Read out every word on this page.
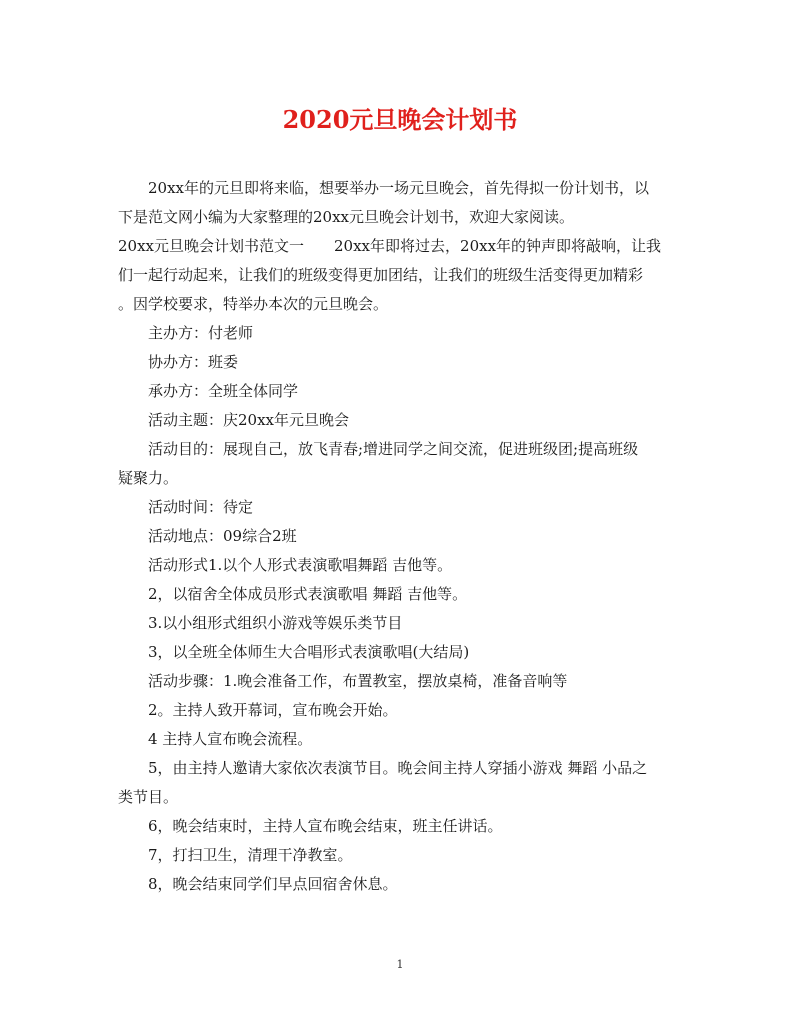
2020元旦晚会计划书
20xx年的元旦即将来临，想要举办一场元旦晚会，首先得拟一份计划书，以
下是范文网小编为大家整理的20xx元旦晚会计划书，欢迎大家阅读。
20xx元旦晚会计划书范文一 20xx年即将过去，20xx年的钟声即将敲响，让我
们一起行动起来，让我们的班级变得更加团结，让我们的班级生活变得更加精彩
。因学校要求，特举办本次的元旦晚会。
主办方：付老师
协办方：班委
承办方：全班全体同学
活动主题：庆20xx年元旦晚会
活动目的：展现自己，放飞青春;增进同学之间交流，促进班级团;提高班级
疑聚力。
活动时间：待定
活动地点：09综合2班
活动形式1.以个人形式表演歌唱舞蹈 吉他等。
2，以宿舍全体成员形式表演歌唱 舞蹈 吉他等。
3.以小组形式组织小游戏等娱乐类节目
3，以全班全体师生大合唱形式表演歌唱(大结局)
活动步骤：1.晚会准备工作，布置教室，摆放桌椅，准备音响等
2。主持人致开幕词，宣布晚会开始。
4 主持人宣布晚会流程。
5，由主持人邀请大家依次表演节目。晚会间主持人穿插小游戏 舞蹈 小品之
类节目。
6，晚会结束时，主持人宣布晚会结束，班主任讲话。
7，打扫卫生，清理干净教室。
8，晚会结束同学们早点回宿舍休息。
1
